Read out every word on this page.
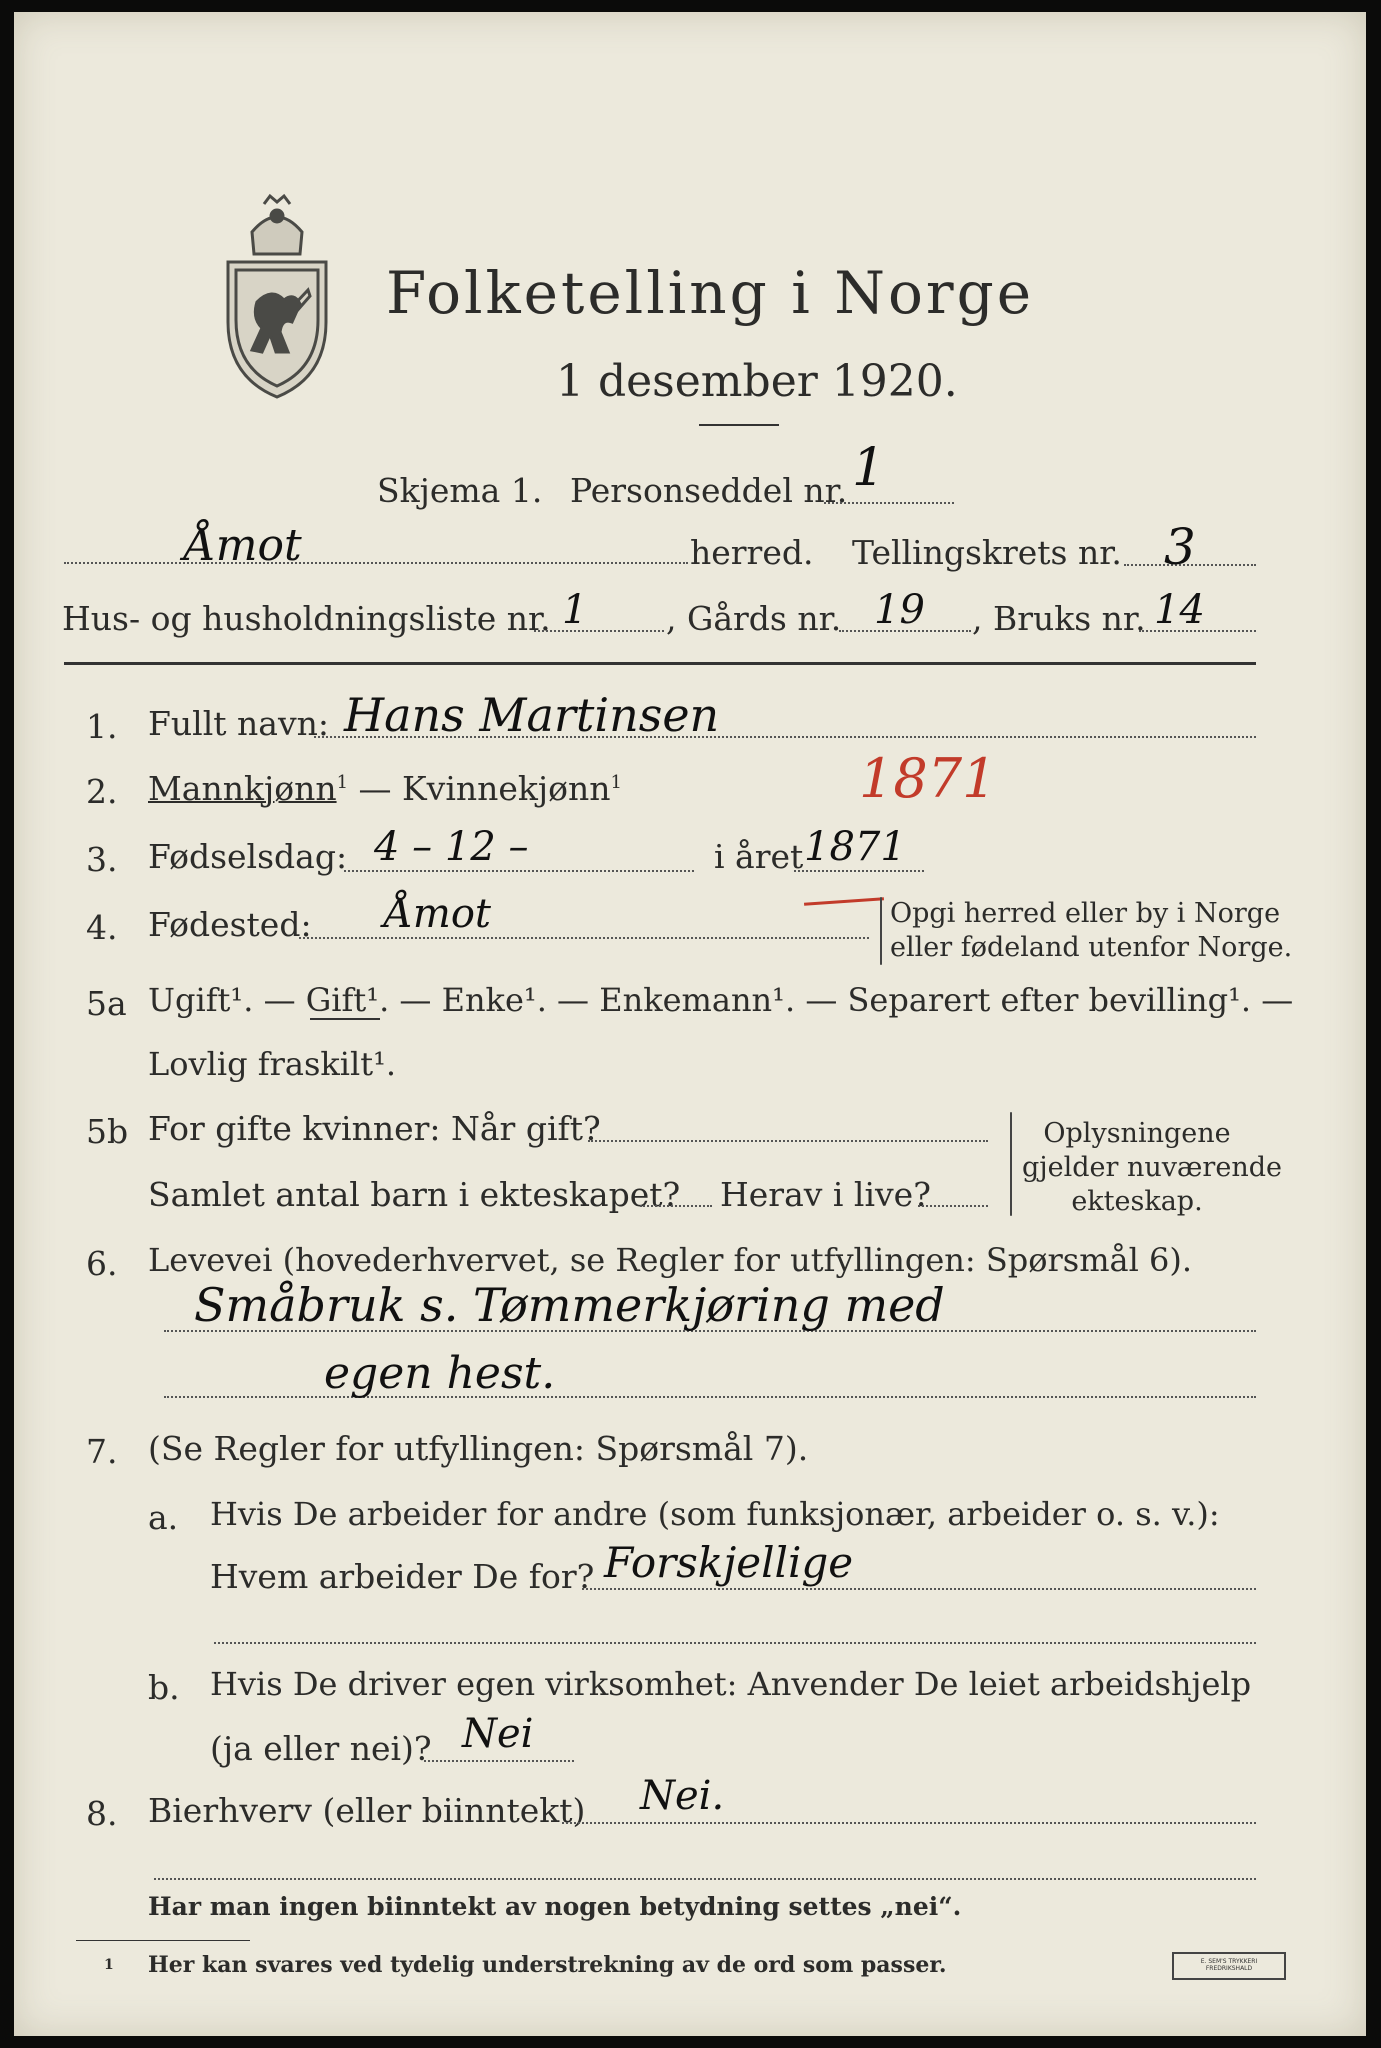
Folketelling i Norge
1 desember 1920.
Skjema 1. Personseddel nr. 1
Åmot	herred. Tellingskrets nr. 3
Hus- og husholdningsliste nr. 1 , Gårds nr. 19 , Bruks nr. 14
1. Fullt navn: Hans Martinsen
2. Mannkjønn$^1$ — Kvinnekjønn$^1$	1871
3. Fødselsdag: 4 – 12 –	i året 1871
4. Fødested: Åmot	Opgi herred eller by i Norge
eller fødeland utenfor Norge.
5a Ugift¹. — Gift¹. — Enke¹. — Enkemann¹. — Separert efter bevilling¹. —
Lovlig fraskilt¹.
5b For gifte kvinner: Når gift?
Samlet antal barn i ekteskapet? Herav i live?
Oplysningene
gjelder nuværende
ekteskap.
6. Levevei (hovederhvervet, se Regler for utfyllingen: Spørsmål 6).
Småbruk s. Tømmerkjøring med
egen hest.
7. (Se Regler for utfyllingen: Spørsmål 7).
a. Hvis De arbeider for andre (som funksjonær, arbeider o. s. v.):
Hvem arbeider De for? Forskjellige
b. Hvis De driver egen virksomhet: Anvender De leiet arbeidshjelp
(ja eller nei)? Nei
8. Bierhverv (eller biinntekt) Nei.
Har man ingen biinntekt av nogen betydning settes „nei“.
1 Her kan svares ved tydelig understrekning av de ord som passer.	E. SEM'S TRYKKERI FREDRIKSHALD
